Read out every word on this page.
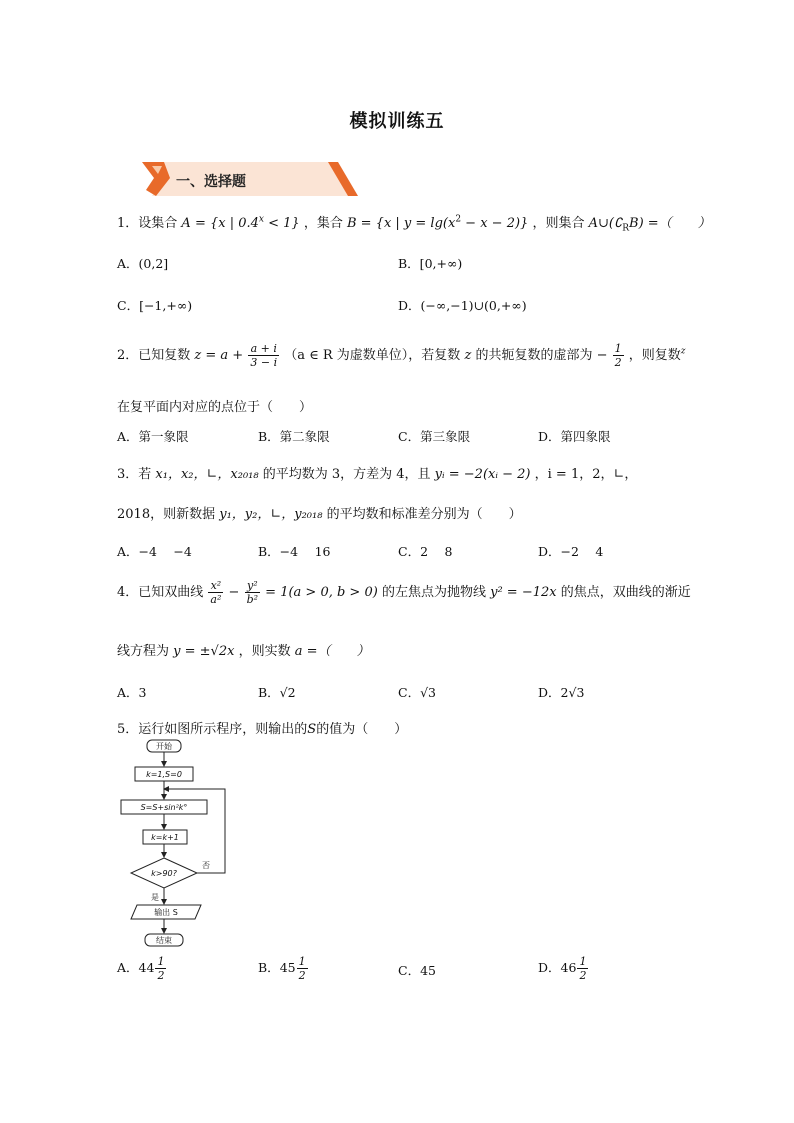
模拟训练五
一、选择题
1．设集合 A = {x | $0.4^x < 1$} ，集合 B = {x | $y = \lg(x^2 - x - 2)$} ，则集合 $A\cup(∁_RB)$ =（　　）
A．(0,2]	B．[0,+∞)
C．[−1,+∞)	D．(−∞,−1)∪(0,+∞)
2．已知复数 $z = a + \frac{a + i}{3 - i} (a$ ∈ R 为虚数单位），若复数 z 的共轭复数的虚部为 − $\frac{1}{2}$ ，则复数$^z$
在复平面内对应的点位于（　　）
A．第一象限	B．第二象限	C．第三象限	D．第四象限
3．若 x₁，x₂，∟，x₂₀₁₈ 的平均数为 3，方差为 4，且 yᵢ = −2(xᵢ − 2) ，i = 1，2，∟，
2018，则新数据 y₁，y₂，∟，y₂₀₁₈ 的平均数和标准差分别为（　　）
A．−4　 −4	B．−4　 16	C．2　 8	D．−2　 4
4．已知双曲线 $\frac{\text{x²}}{\text{a²}} - \frac{\text{y²}}{\text{b²}} = 1(a > 0$, b > 0) 的左焦点为抛物线 y² = −12x 的焦点，双曲线的渐近
线方程为 y = ±√2x ，则实数 a =（　　）
A．3	B．√2	C．√3	D．2√3
5．运行如图所示程序，则输出的S的值为（　　）
开始
k=1,S=0
S=S+sin²k°
k=k+1
k>90?
否
是
输出 S
结束
A．$44 \frac{1}{2}$	B．$45 \frac{1}{2}$	C．45	D．$46 \frac{1}{2}$
